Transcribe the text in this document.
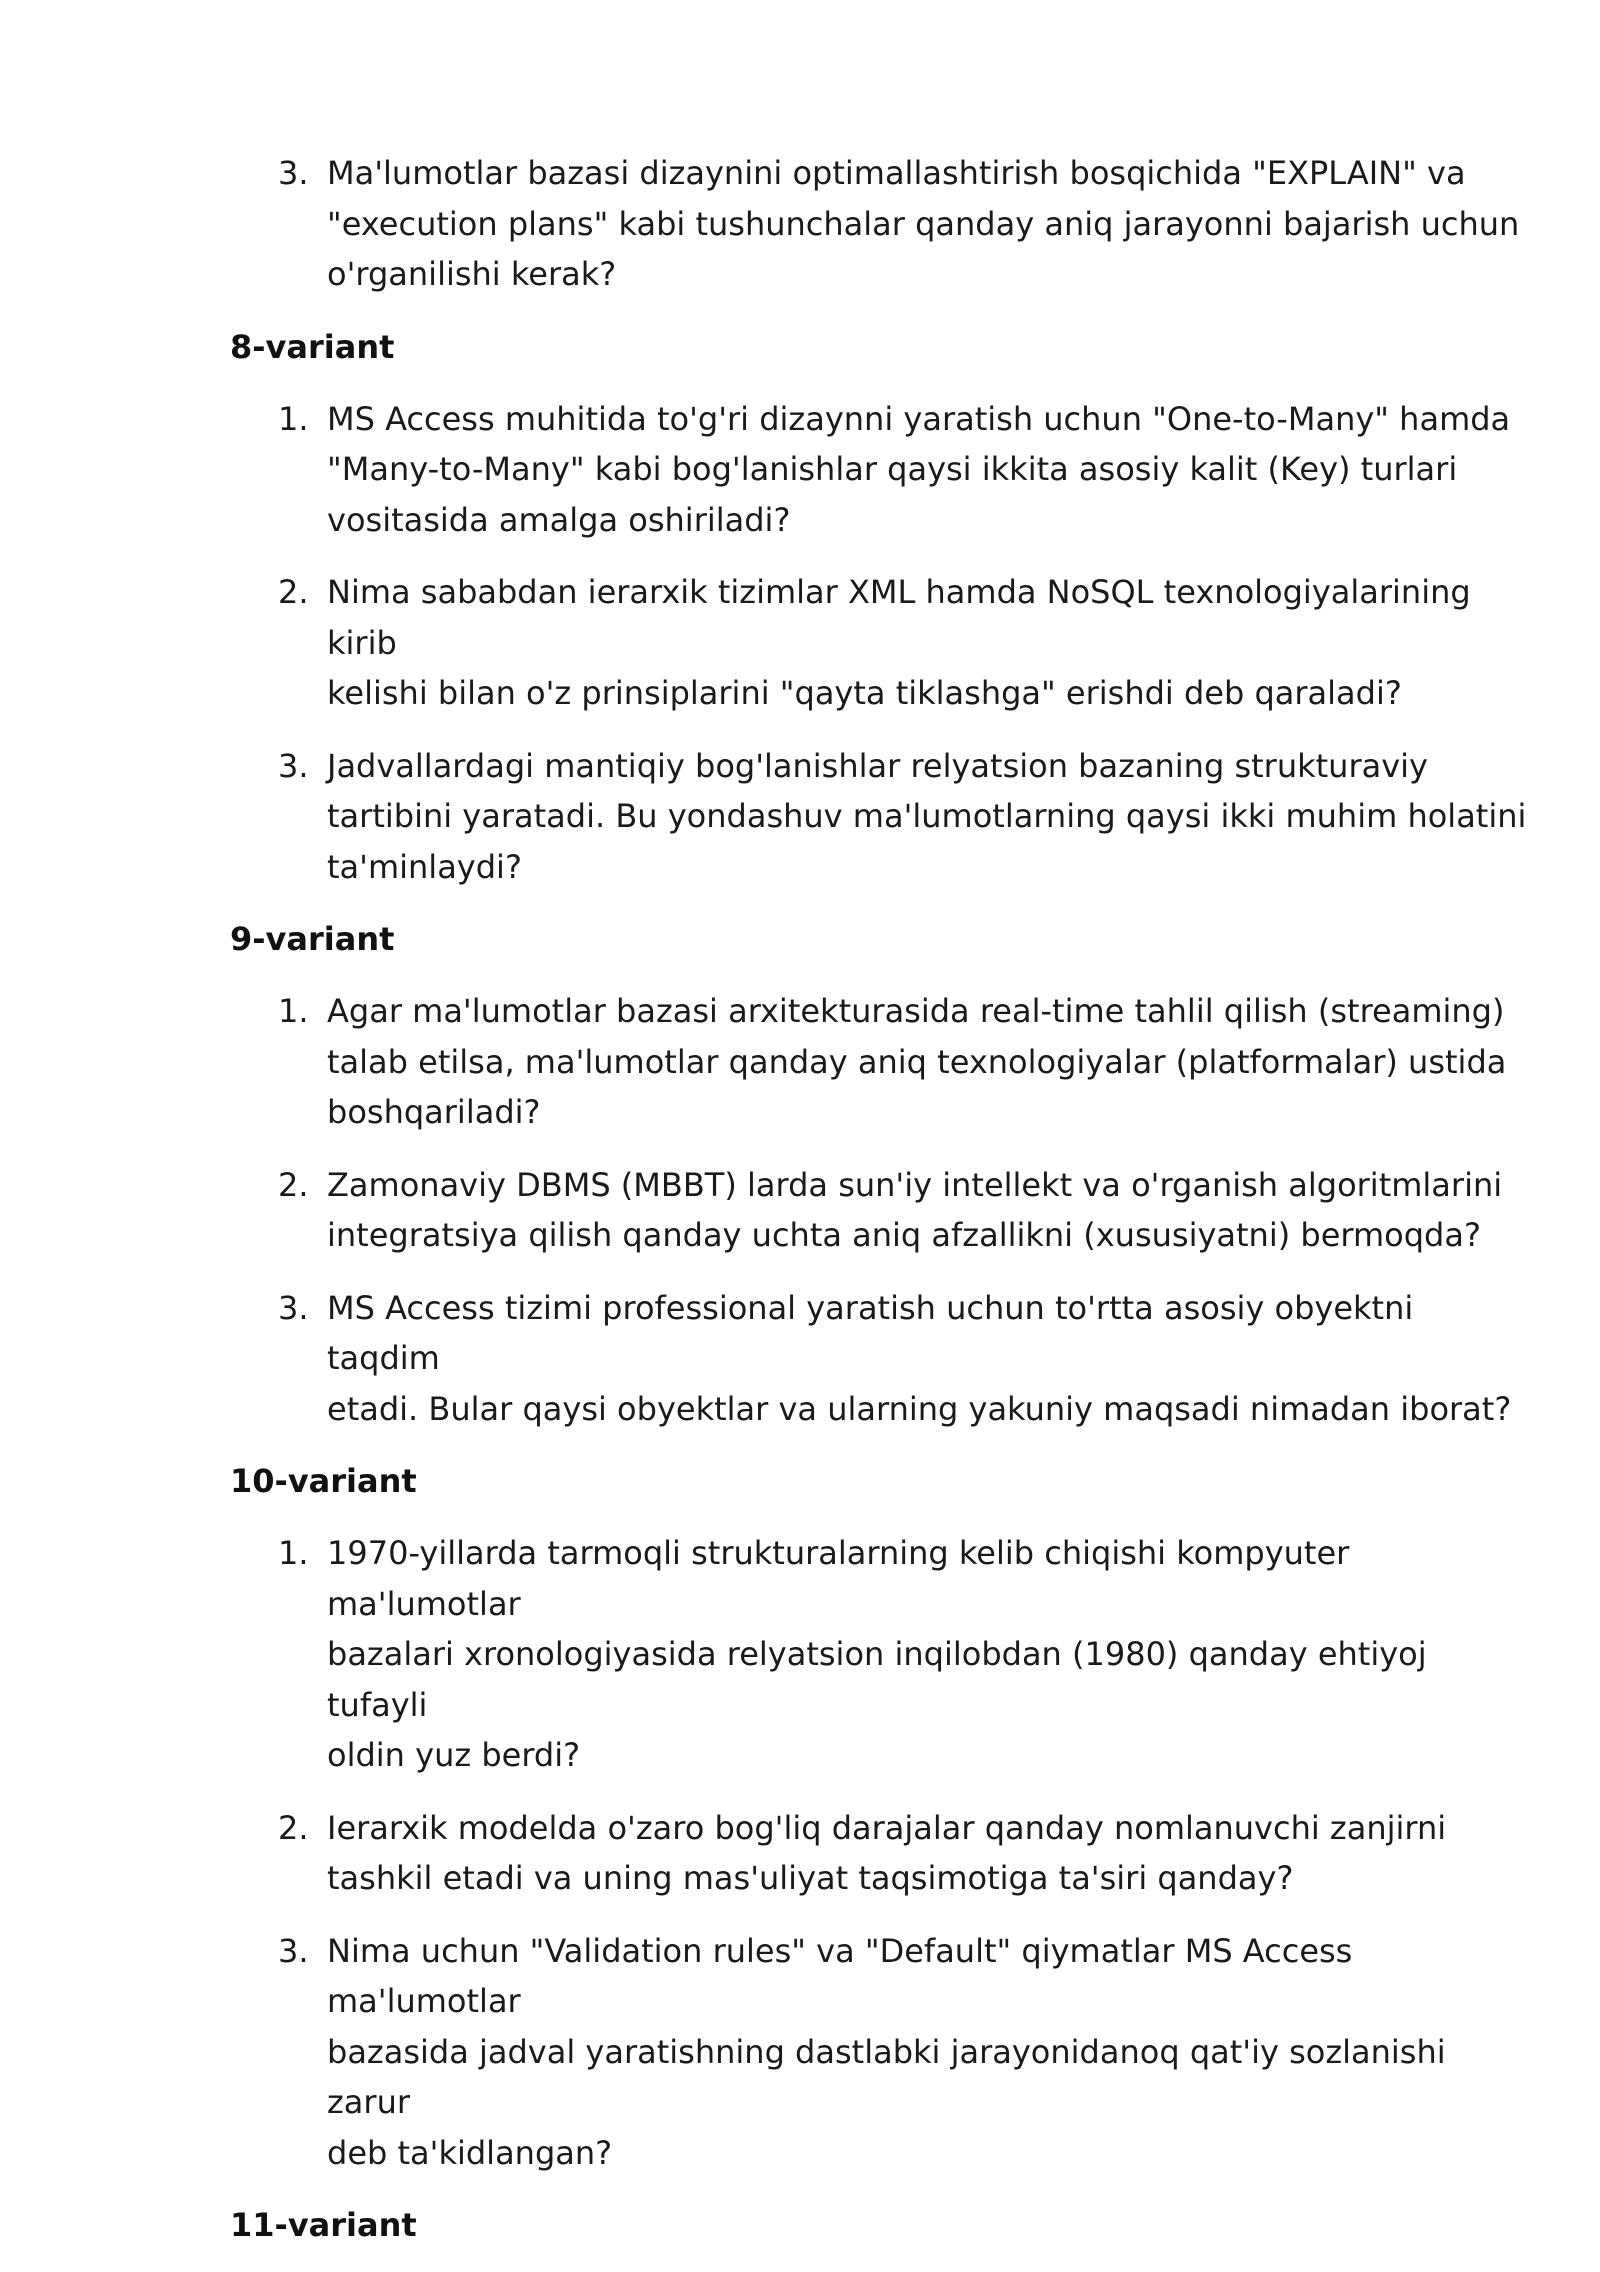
3. Ma'lumotlar bazasi dizaynini optimallashtirish bosqichida "EXPLAIN" va
"execution plans" kabi tushunchalar qanday aniq jarayonni bajarish uchun
o'rganilishi kerak?
8-variant
1. MS Access muhitida to'g'ri dizaynni yaratish uchun "One-to-Many" hamda
"Many-to-Many" kabi bog'lanishlar qaysi ikkita asosiy kalit (Key) turlari
vositasida amalga oshiriladi?
2. Nima sababdan ierarxik tizimlar XML hamda NoSQL texnologiyalarining kirib
kelishi bilan o'z prinsiplarini "qayta tiklashga" erishdi deb qaraladi?
3. Jadvallardagi mantiqiy bog'lanishlar relyatsion bazaning strukturaviy
tartibini yaratadi. Bu yondashuv ma'lumotlarning qaysi ikki muhim holatini
ta'minlaydi?
9-variant
1. Agar ma'lumotlar bazasi arxitekturasida real-time tahlil qilish (streaming)
talab etilsa, ma'lumotlar qanday aniq texnologiyalar (platformalar) ustida
boshqariladi?
2. Zamonaviy DBMS (MBBT) larda sun'iy intellekt va o'rganish algoritmlarini
integratsiya qilish qanday uchta aniq afzallikni (xususiyatni) bermoqda?
3. MS Access tizimi professional yaratish uchun to'rtta asosiy obyektni taqdim
etadi. Bular qaysi obyektlar va ularning yakuniy maqsadi nimadan iborat?
10-variant
1. 1970-yillarda tarmoqli strukturalarning kelib chiqishi kompyuter ma'lumotlar
bazalari xronologiyasida relyatsion inqilobdan (1980) qanday ehtiyoj tufayli
oldin yuz berdi?
2. Ierarxik modelda o'zaro bog'liq darajalar qanday nomlanuvchi zanjirni
tashkil etadi va uning mas'uliyat taqsimotiga ta'siri qanday?
3. Nima uchun "Validation rules" va "Default" qiymatlar MS Access ma'lumotlar
bazasida jadval yaratishning dastlabki jarayonidanoq qat'iy sozlanishi zarur
deb ta'kidlangan?
11-variant
